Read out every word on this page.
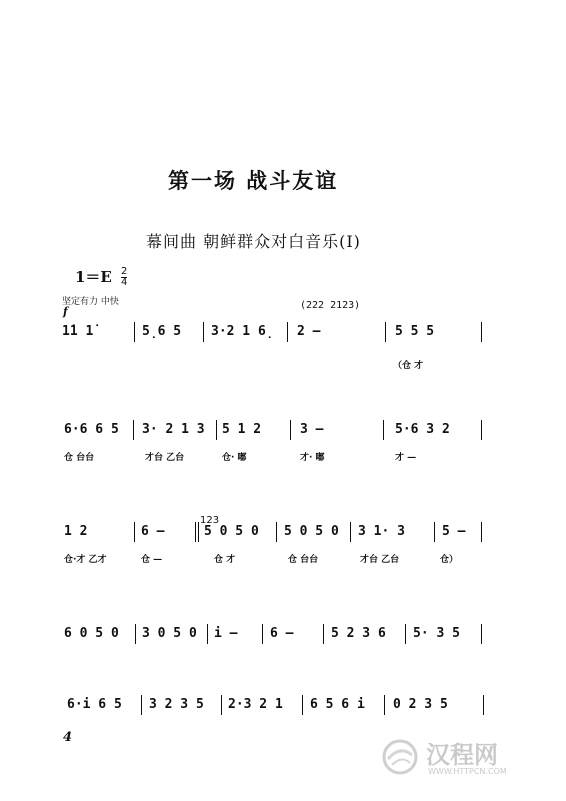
第一场 战斗友谊
幕间曲 朝鲜群众对白音乐(Ⅰ)
$1=E \frac{2}{4}$
坚定有力 中快
f	(222 2123)
1̇1 1̇	5̣6 5 3·2 1 6̣ 2 —	5 5 5
（仓 才
6·6 6 5 3· 2 1 3 5 1 2	3 —	5·6 3 2
仓 台台	才台 乙台	仓· 嘟	才· 嘟	才 —
123
1 2	6 —	5 0 5 0 5 0 5 0 3 1· 3	5 —
仓·才 乙才	仓 —	仓 才	仓 台台	才台 乙台	仓）
6 0 5 0 3 0 5 0 i —	6 —	5 2 3 6 5· 3 5
6·i 6 5 3 2 3 5 2·3 2 1 6 5 6 i 0 2 3 5
4
汉程网
WWW.HTTPCN.COM
